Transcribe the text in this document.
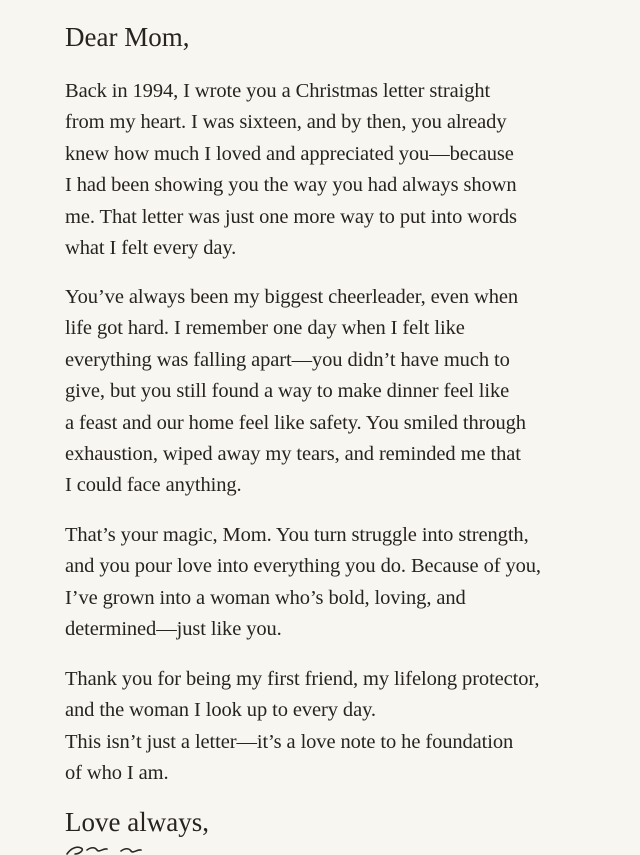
Dear Mom,
Back in 1994, I wrote you a Christmas letter straight
from my heart. I was sixteen, and by then, you already
knew how much I loved and appreciated you—because
I had been showing you the way you had always shown
me. That letter was just one more way to put into words
what I felt every day.
You’ve always been my biggest cheerleader, even when
life got hard. I remember one day when I felt like
everything was falling apart—you didn’t have much to
give, but you still found a way to make dinner feel like
a feast and our home feel like safety. You smiled through
exhaustion, wiped away my tears, and reminded me that
I could face anything.
That’s your magic, Mom. You turn struggle into strength,
and you pour love into everything you do. Because of you,
I’ve grown into a woman who’s bold, loving, and
determined—just like you.
Thank you for being my first friend, my lifelong protector,
and the woman I look up to every day.
This isn’t just a letter—it’s a love note to he foundation
of who I am.
Love always,
